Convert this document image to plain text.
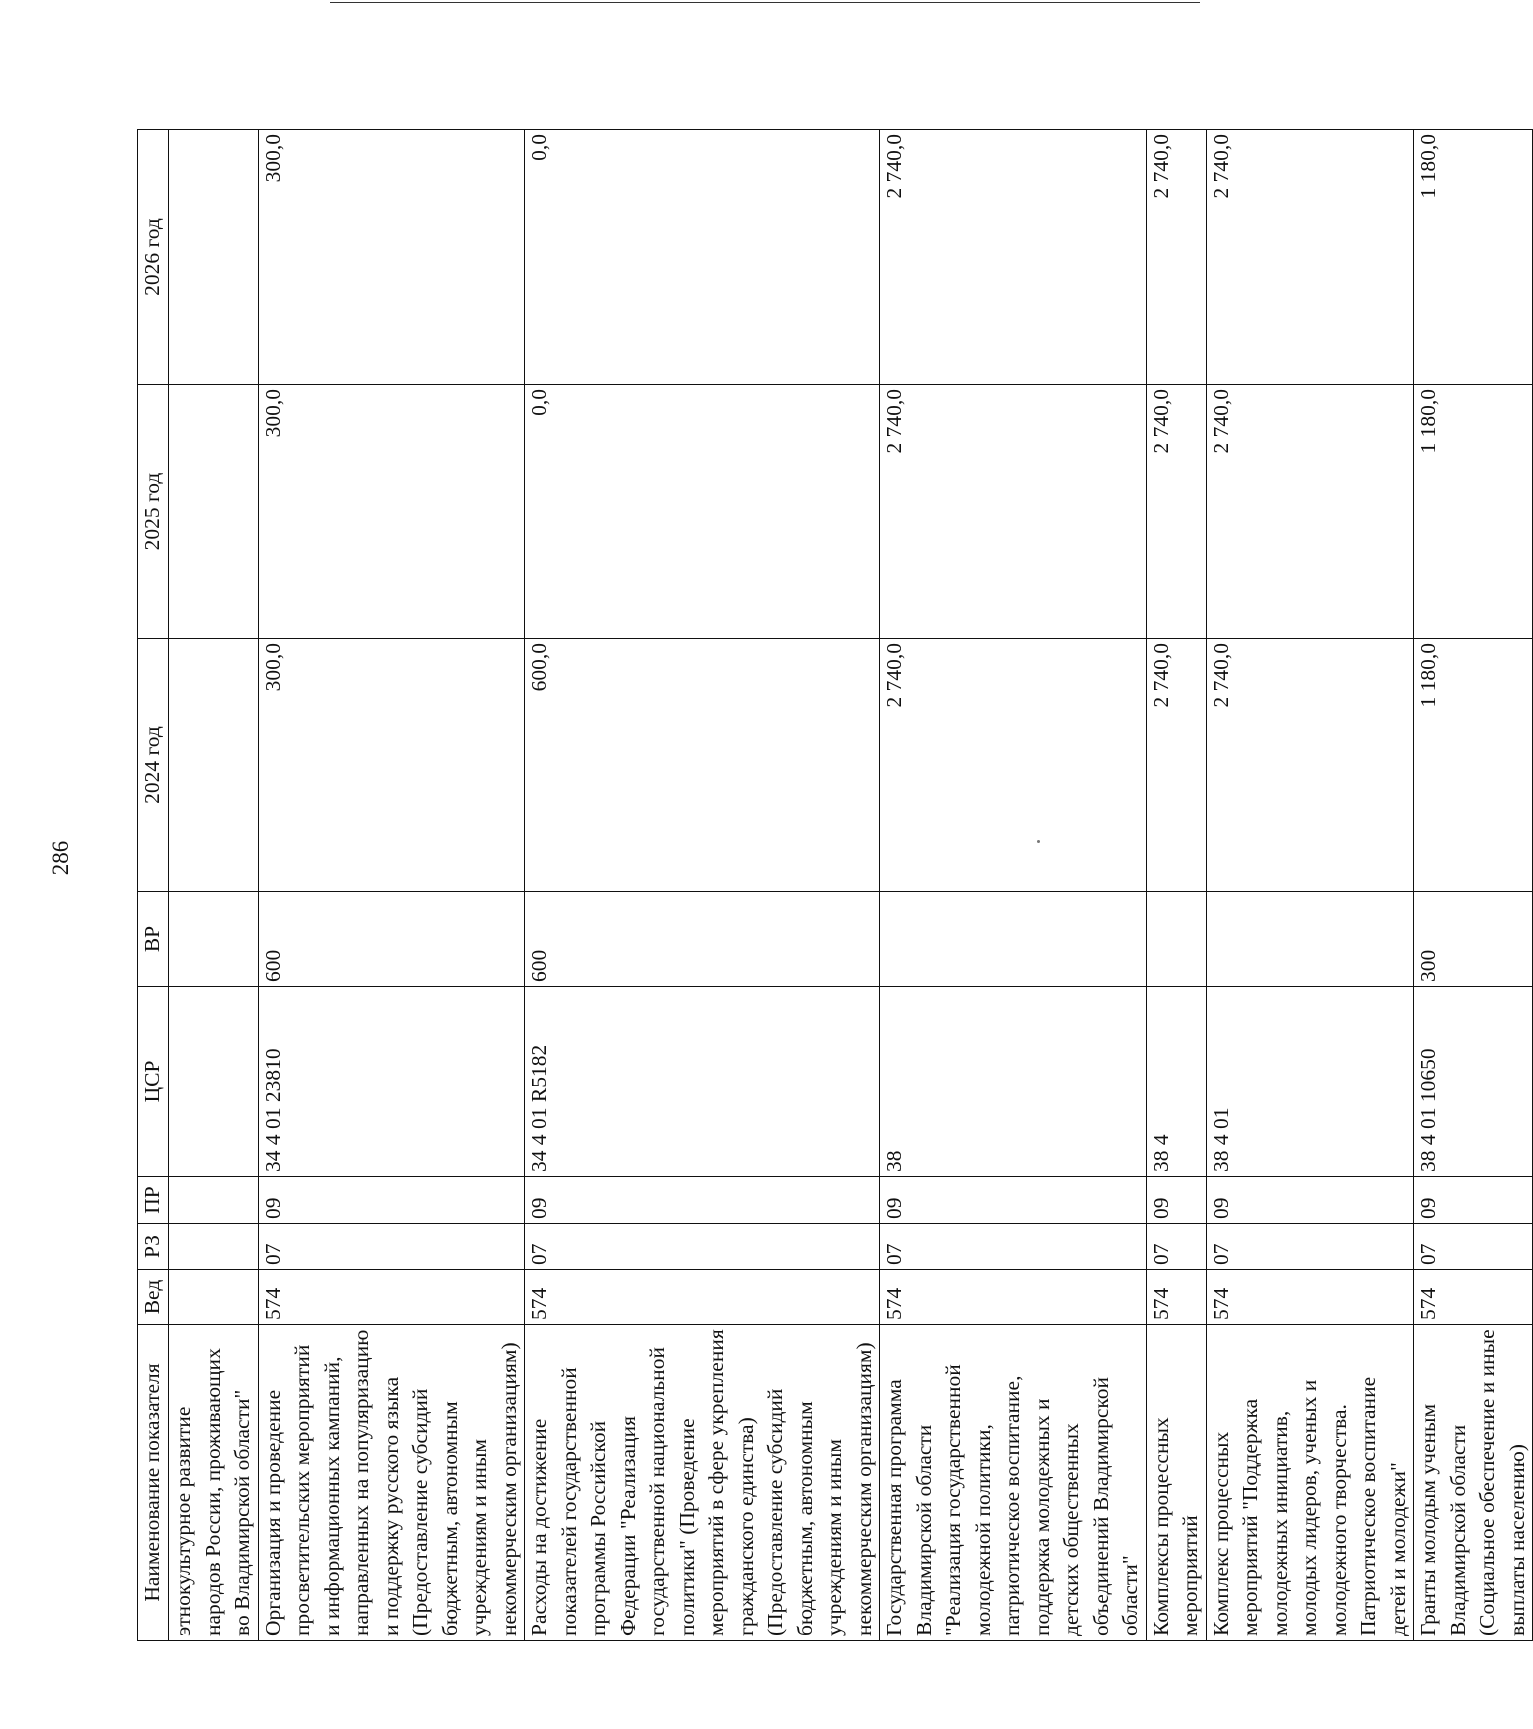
286
Наименование показателя	Вед	РЗ	ПР	ЦСР	ВР	2024 год	2025 год	2026 год
этнокультурное развитие народов России, проживающих во Владимирской области"								
Организация и проведение просветительских мероприятий и информационных кампаний, направленных на популяризацию и поддержку русского языка (Предоставление субсидий бюджетным, автономным учреждениям и иным некоммерческим организациям)	574	07	09	34 4 01 23810	600	300,0	300,0	300,0
Расходы на достижение показателей государственной программы Российской Федерации "Реализация государственной национальной политики" (Проведение мероприятий в сфере укрепления гражданского единства) (Предоставление субсидий бюджетным, автономным учреждениям и иным некоммерческим организациям)	574	07	09	34 4 01 R5182	600	600,0	0,0	0,0
Государственная программа Владимирской области "Реализация государственной молодежной политики, патриотическое воспитание, поддержка молодежных и детских общественных объединений Владимирской области"	574	07	09	38		2 740,0	2 740,0	2 740,0
Комплексы процессных мероприятий	574	07	09	38 4		2 740,0	2 740,0	2 740,0
Комплекс процессных мероприятий "Поддержка молодежных инициатив, молодых лидеров, ученых и молодежного творчества. Патриотическое воспитание детей и молодежи"	574	07	09	38 4 01		2 740,0	2 740,0	2 740,0
Гранты молодым ученым Владимирской области (Социальное обеспечение и иные выплаты населению)	574	07	09	38 4 01 10650	300	1 180,0	1 180,0	1 180,0
